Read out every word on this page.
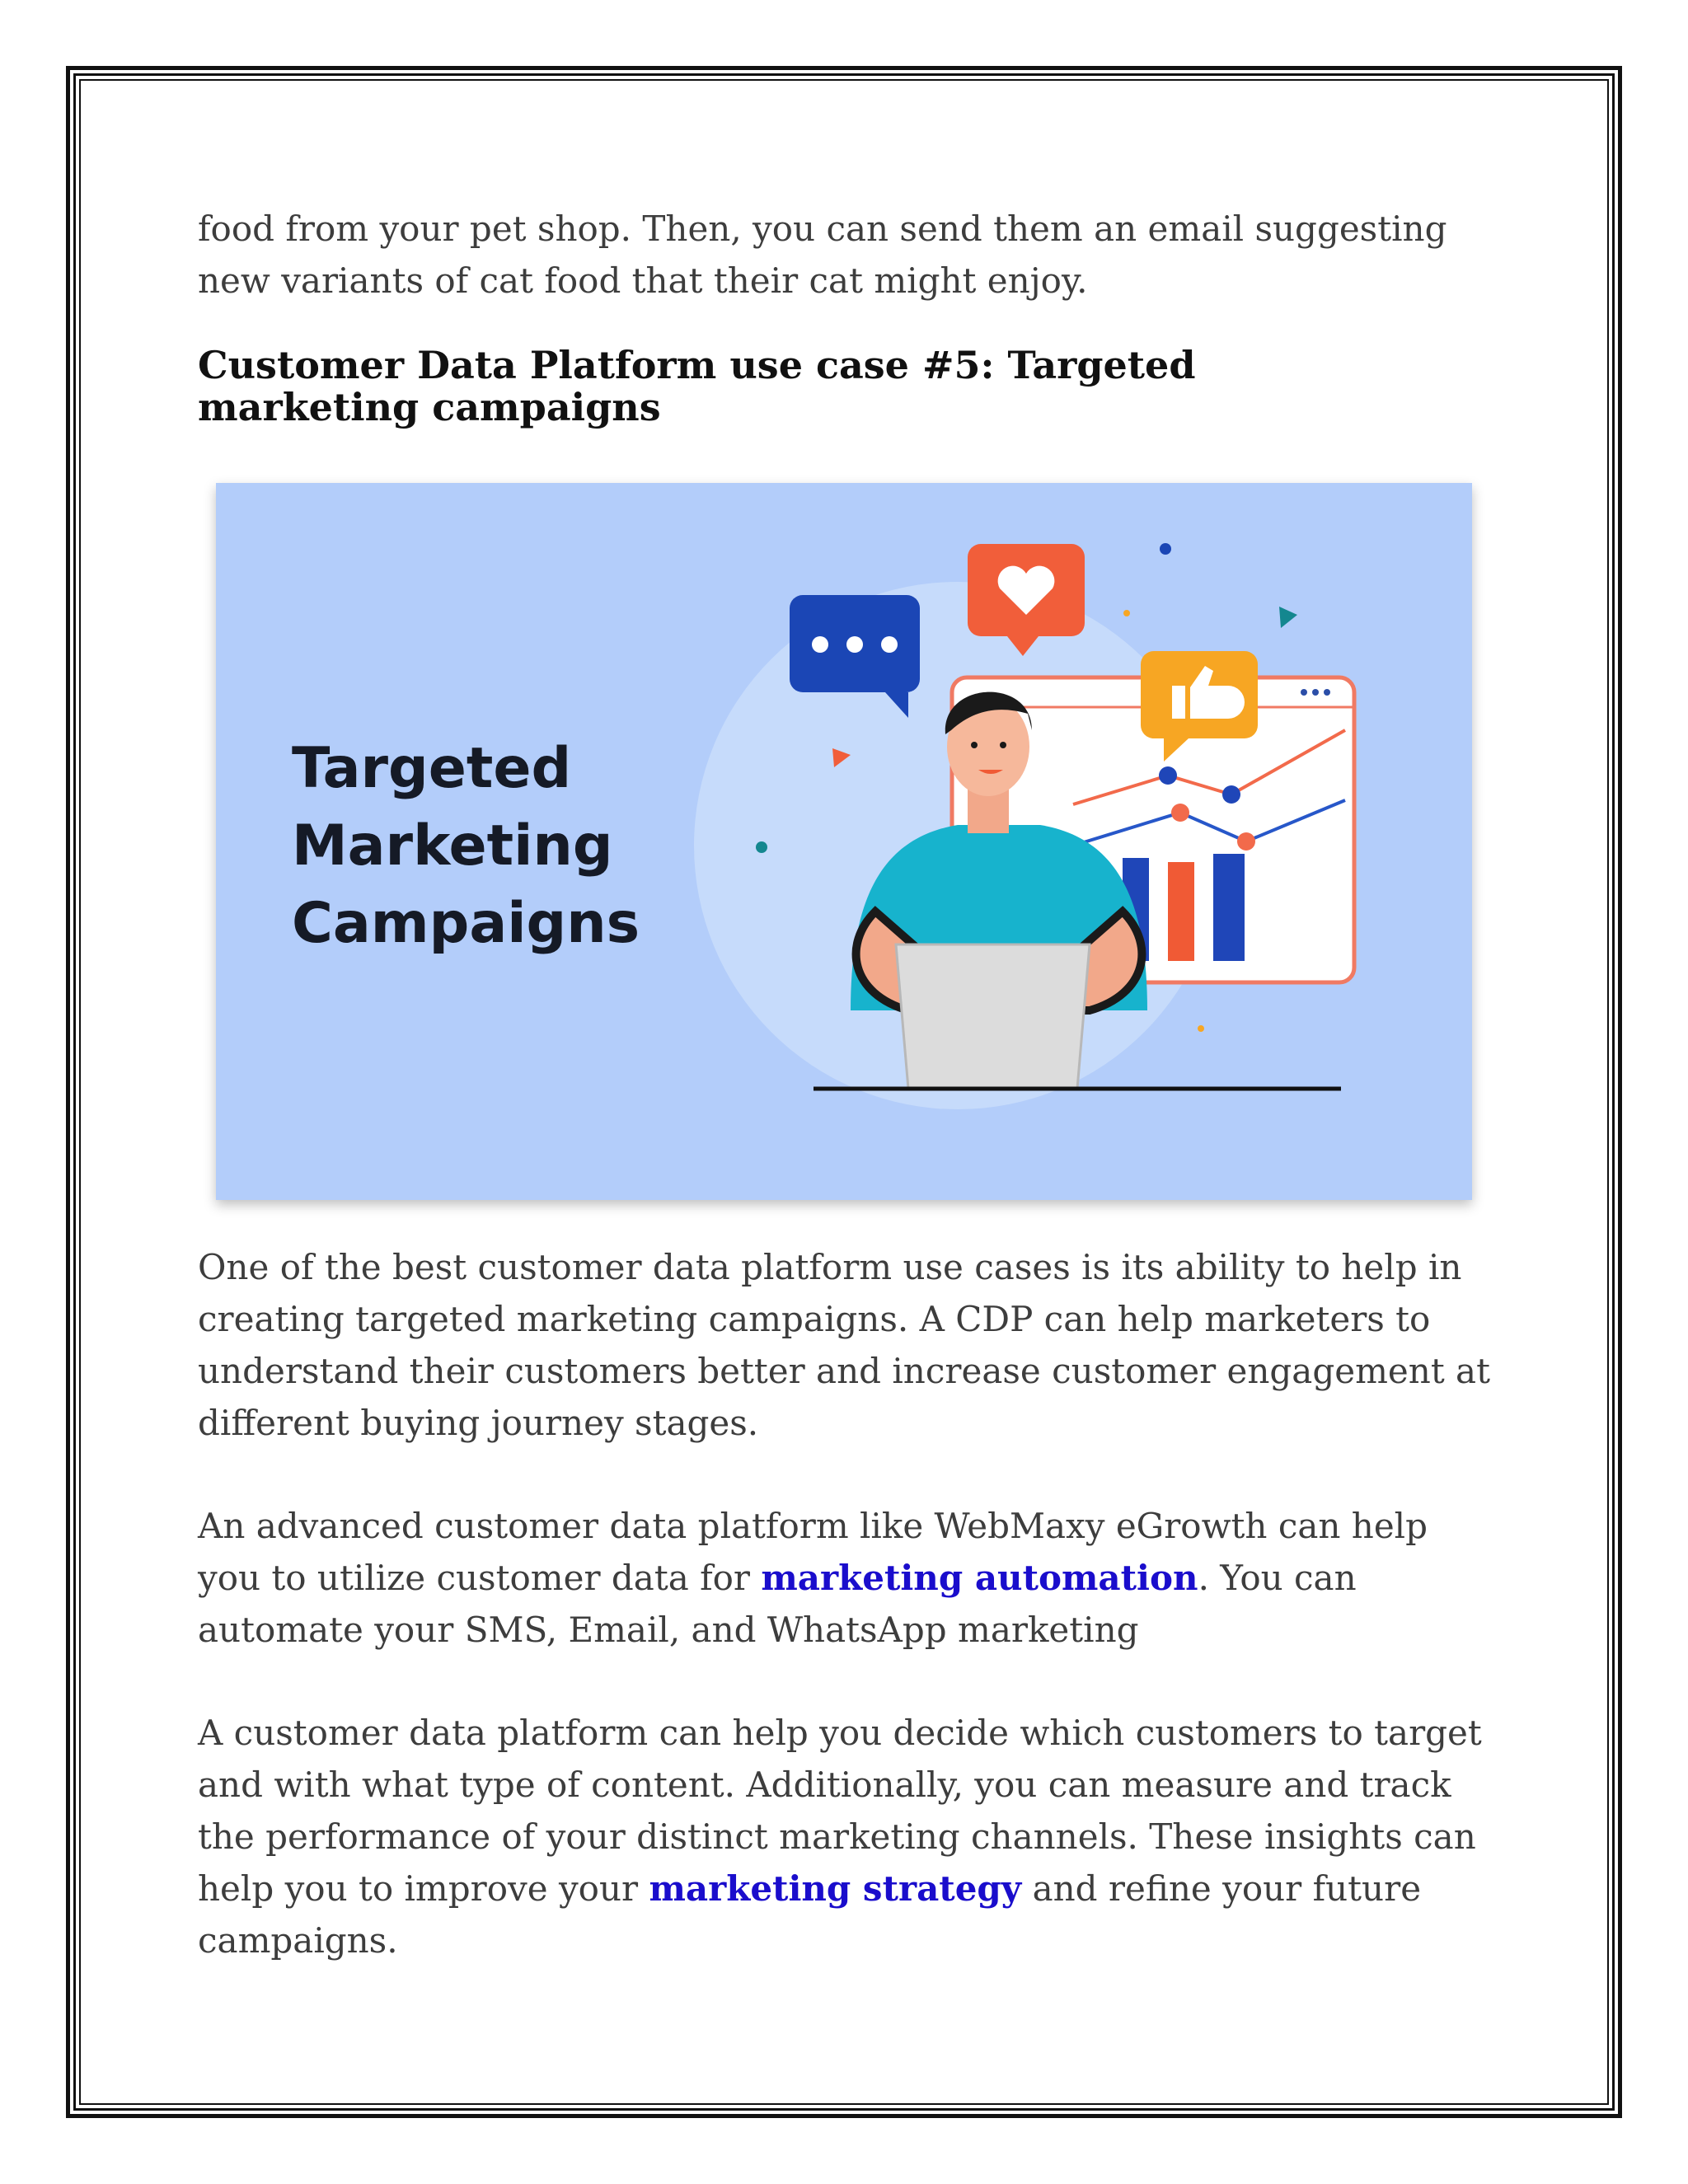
food from your pet shop. Then, you can send them an email suggesting new variants of cat food that their cat might enjoy.

Customer Data Platform use case #5: Targeted marketing campaigns
Targeted
Marketing
Campaigns

One of the best customer data platform use cases is its ability to help in creating targeted marketing campaigns. A CDP can help marketers to understand their customers better and increase customer engagement at different buying journey stages.

An advanced customer data platform like WebMaxy eGrowth can help you to utilize customer data for marketing automation. You can automate your SMS, Email, and WhatsApp marketing

A customer data platform can help you decide which customers to target and with what type of content. Additionally, you can measure and track the performance of your distinct marketing channels. These insights can help you to improve your marketing strategy and refine your future campaigns.
